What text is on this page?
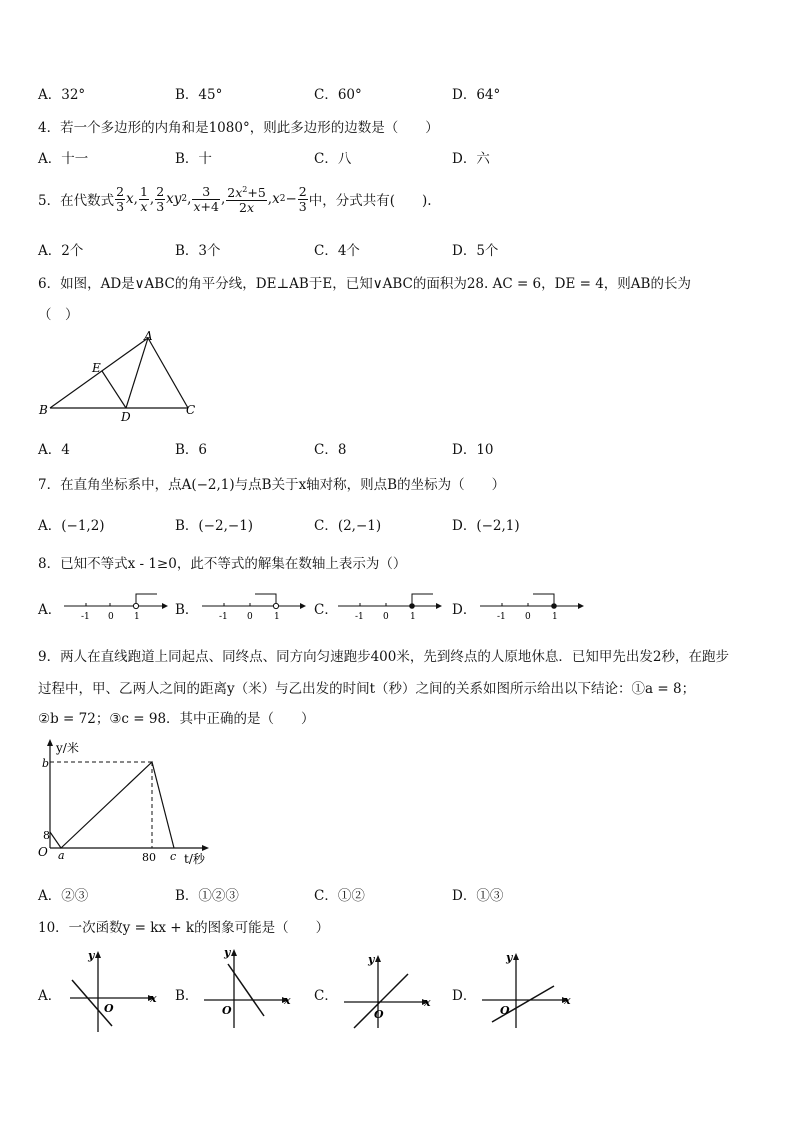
A．32°	B．45°	C．60°	D．64°
4．若一个多边形的内角和是1080°，则此多边形的边数是（　　）
A．十一	B．十	C．八	D．六
5．在代数式 $\frac{2}{3}$ x , $\frac{1}{x}$ , $\frac{2}{3}$ xy 2 , $\frac{3}{x+4}$ , $\frac{2x^2+5}{2x}$ , x $2 - \frac{2}{3}$ 中，分式共有(　　).
A．2个	B．3个	C．4个	D．5个
6．如图，AD是∨ABC的角平分线，DE⊥AB于E，已知∨ABC的面积为28. AC = 6，DE = 4，则AB的长为
（　）
A
E
B	D	C
A．4	B．6	C．8	D．10
7．在直角坐标系中，点A(−2,1)与点B关于x轴对称，则点B的坐标为（　　）
A．(−1,2)	B．(−2,−1)	C．(2,−1)	D．(−2,1)
8．已知不等式x - 1≥0，此不等式的解集在数轴上表示为（）
A． -1 0 1	B． -1 0 1	C． -1 0 1	D． -1 0 1
9．两人在直线跑道上同起点、同终点、同方向匀速跑步400米，先到终点的人原地休息．已知甲先出发2秒，在跑步
过程中，甲、乙两人之间的距离y（米）与乙出发的时间t（秒）之间的关系如图所示给出以下结论：①a = 8；
②b = 72；③c = 98．其中正确的是（　　）
y/米
b
8
O a	80 c t/秒
A．②③	B．①②③	C．①②	D．①③
10．一次函数y = kx + k的图象可能是（　　）
A．
y
x
O
B．
y
x
O
C．
y
x
O
D．
y
x
O
